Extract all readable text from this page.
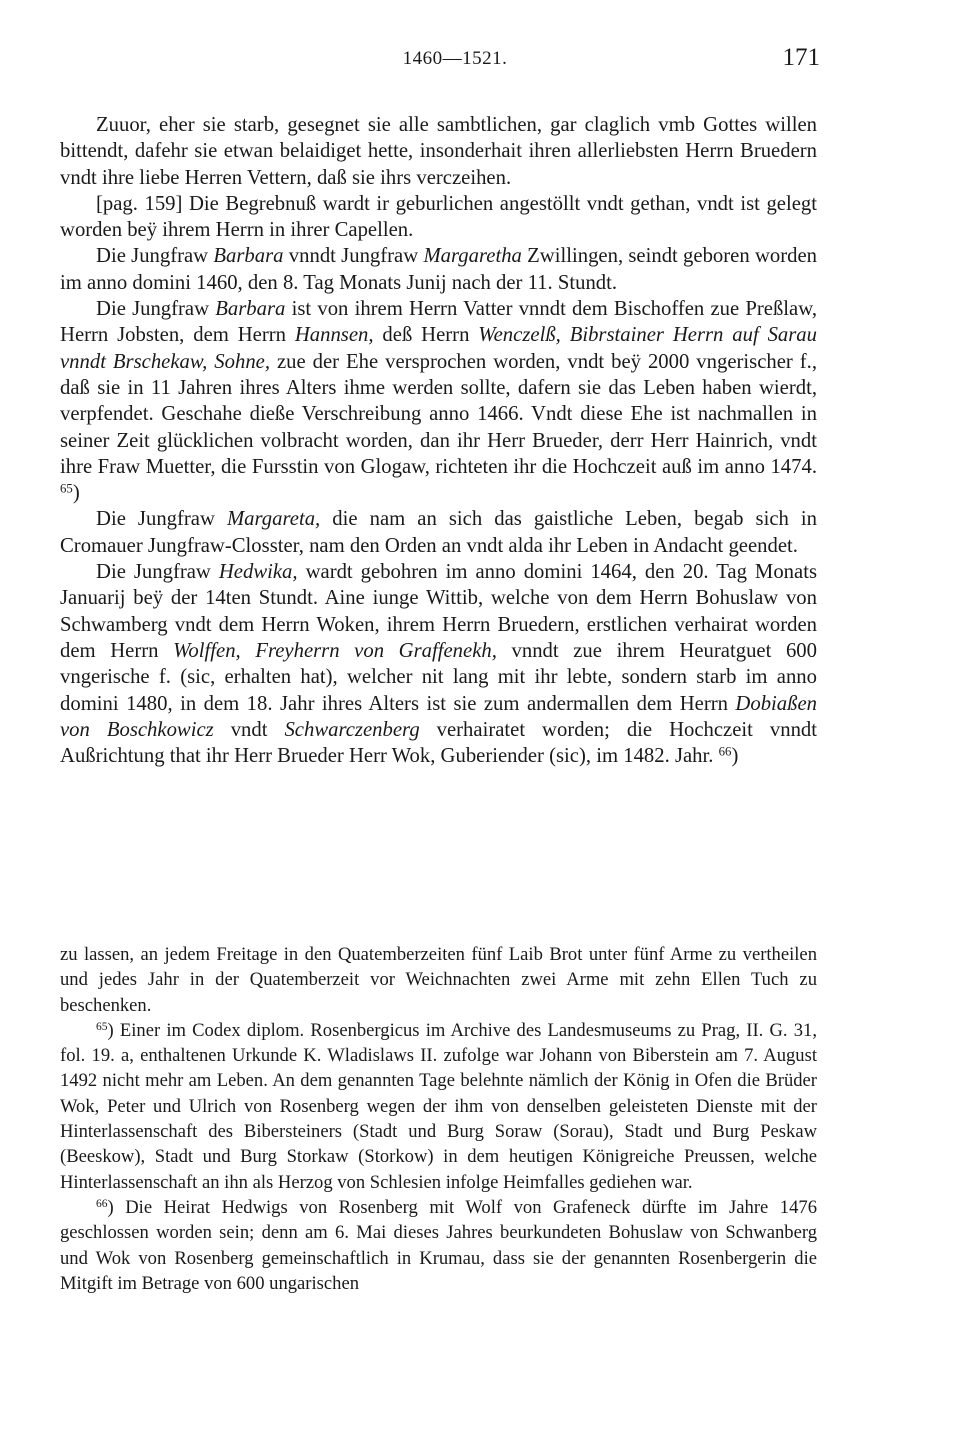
1460—1521.	171

Zuuor, eher sie starb, gesegnet sie alle sambtlichen, gar claglich vmb Gottes willen bittendt, dafehr sie etwan belaidiget hette, insonderhait ihren allerliebsten Herrn Bruedern vndt ihre liebe Herren Vettern, daß sie ihrs verczeihen.

[pag. 159] Die Begrebnuß wardt ir geburlichen angestöllt vndt gethan, vndt ist gelegt worden beÿ ihrem Herrn in ihrer Capellen.

Die Jungfraw Barbara vnndt Jungfraw Margaretha Zwillingen, seindt geboren worden im anno domini 1460, den 8. Tag Monats Junij nach der 11. Stundt.

Die Jungfraw Barbara ist von ihrem Herrn Vatter vnndt dem Bischoffen zue Preßlaw, Herrn Jobsten, dem Herrn Hannsen, deß Herrn Wenczelß, Bibrstainer Herrn auf Sarau vnndt Brschekaw, Sohne, zue der Ehe versprochen worden, vndt beÿ 2000 vngerischer f., daß sie in 11 Jahren ihres Alters ihme werden sollte, dafern sie das Leben haben wierdt, verpfendet. Geschahe dieße Verschreibung anno 1466. Vndt diese Ehe ist nachmallen in seiner Zeit glücklichen volbracht worden, dan ihr Herr Brueder, derr Herr Hainrich, vndt ihre Fraw Muetter, die Fursstin von Glogaw, richteten ihr die Hochczeit auß im anno 1474. $^{65}$)

Die Jungfraw Margareta, die nam an sich das gaistliche Leben, begab sich in Cromauer Jungfraw-Closster, nam den Orden an vndt alda ihr Leben in Andacht geendet.

Die Jungfraw Hedwika, wardt gebohren im anno domini 1464, den 20. Tag Monats Januarij beÿ der 14ten Stundt. Aine iunge Wittib, welche von dem Herrn Bohuslaw von Schwamberg vndt dem Herrn Woken, ihrem Herrn Bruedern, erstlichen verhairat worden dem Herrn Wolffen, Freyherrn von Graffenekh, vnndt zue ihrem Heuratguet 600 vngerische f. (sic, erhalten hat), welcher nit lang mit ihr lebte, sondern starb im anno domini 1480, in dem 18. Jahr ihres Alters ist sie zum andermallen dem Herrn Dobiaßen von Boschkowicz vndt Schwarczenberg verhairatet worden; die Hochczeit vnndt Außrichtung that ihr Herr Brueder Herr Wok, Guberiender (sic), im 1482. Jahr. $^{66}$)

zu lassen, an jedem Freitage in den Quatemberzeiten fünf Laib Brot unter fünf Arme zu vertheilen und jedes Jahr in der Quatemberzeit vor Weichnachten zwei Arme mit zehn Ellen Tuch zu beschenken.

$^{65}$) Einer im Codex diplom. Rosenbergicus im Archive des Landesmuseums zu Prag, II. G. 31, fol. 19. a, enthaltenen Urkunde K. Wladislaws II. zufolge war Johann von Biberstein am 7. August 1492 nicht mehr am Leben. An dem genannten Tage belehnte nämlich der König in Ofen die Brüder Wok, Peter und Ulrich von Rosenberg wegen der ihm von denselben geleisteten Dienste mit der Hinterlassenschaft des Bibersteiners (Stadt und Burg Soraw (Sorau), Stadt und Burg Peskaw (Beeskow), Stadt und Burg Storkaw (Storkow) in dem heutigen Königreiche Preussen, welche Hinterlassenschaft an ihn als Herzog von Schlesien infolge Heimfalles gediehen war.

$^{66}$) Die Heirat Hedwigs von Rosenberg mit Wolf von Grafeneck dürfte im Jahre 1476 geschlossen worden sein; denn am 6. Mai dieses Jahres beurkundeten Bohuslaw von Schwanberg und Wok von Rosenberg gemeinschaftlich in Krumau, dass sie der genannten Rosenbergerin die Mitgift im Betrage von 600 ungarischen
